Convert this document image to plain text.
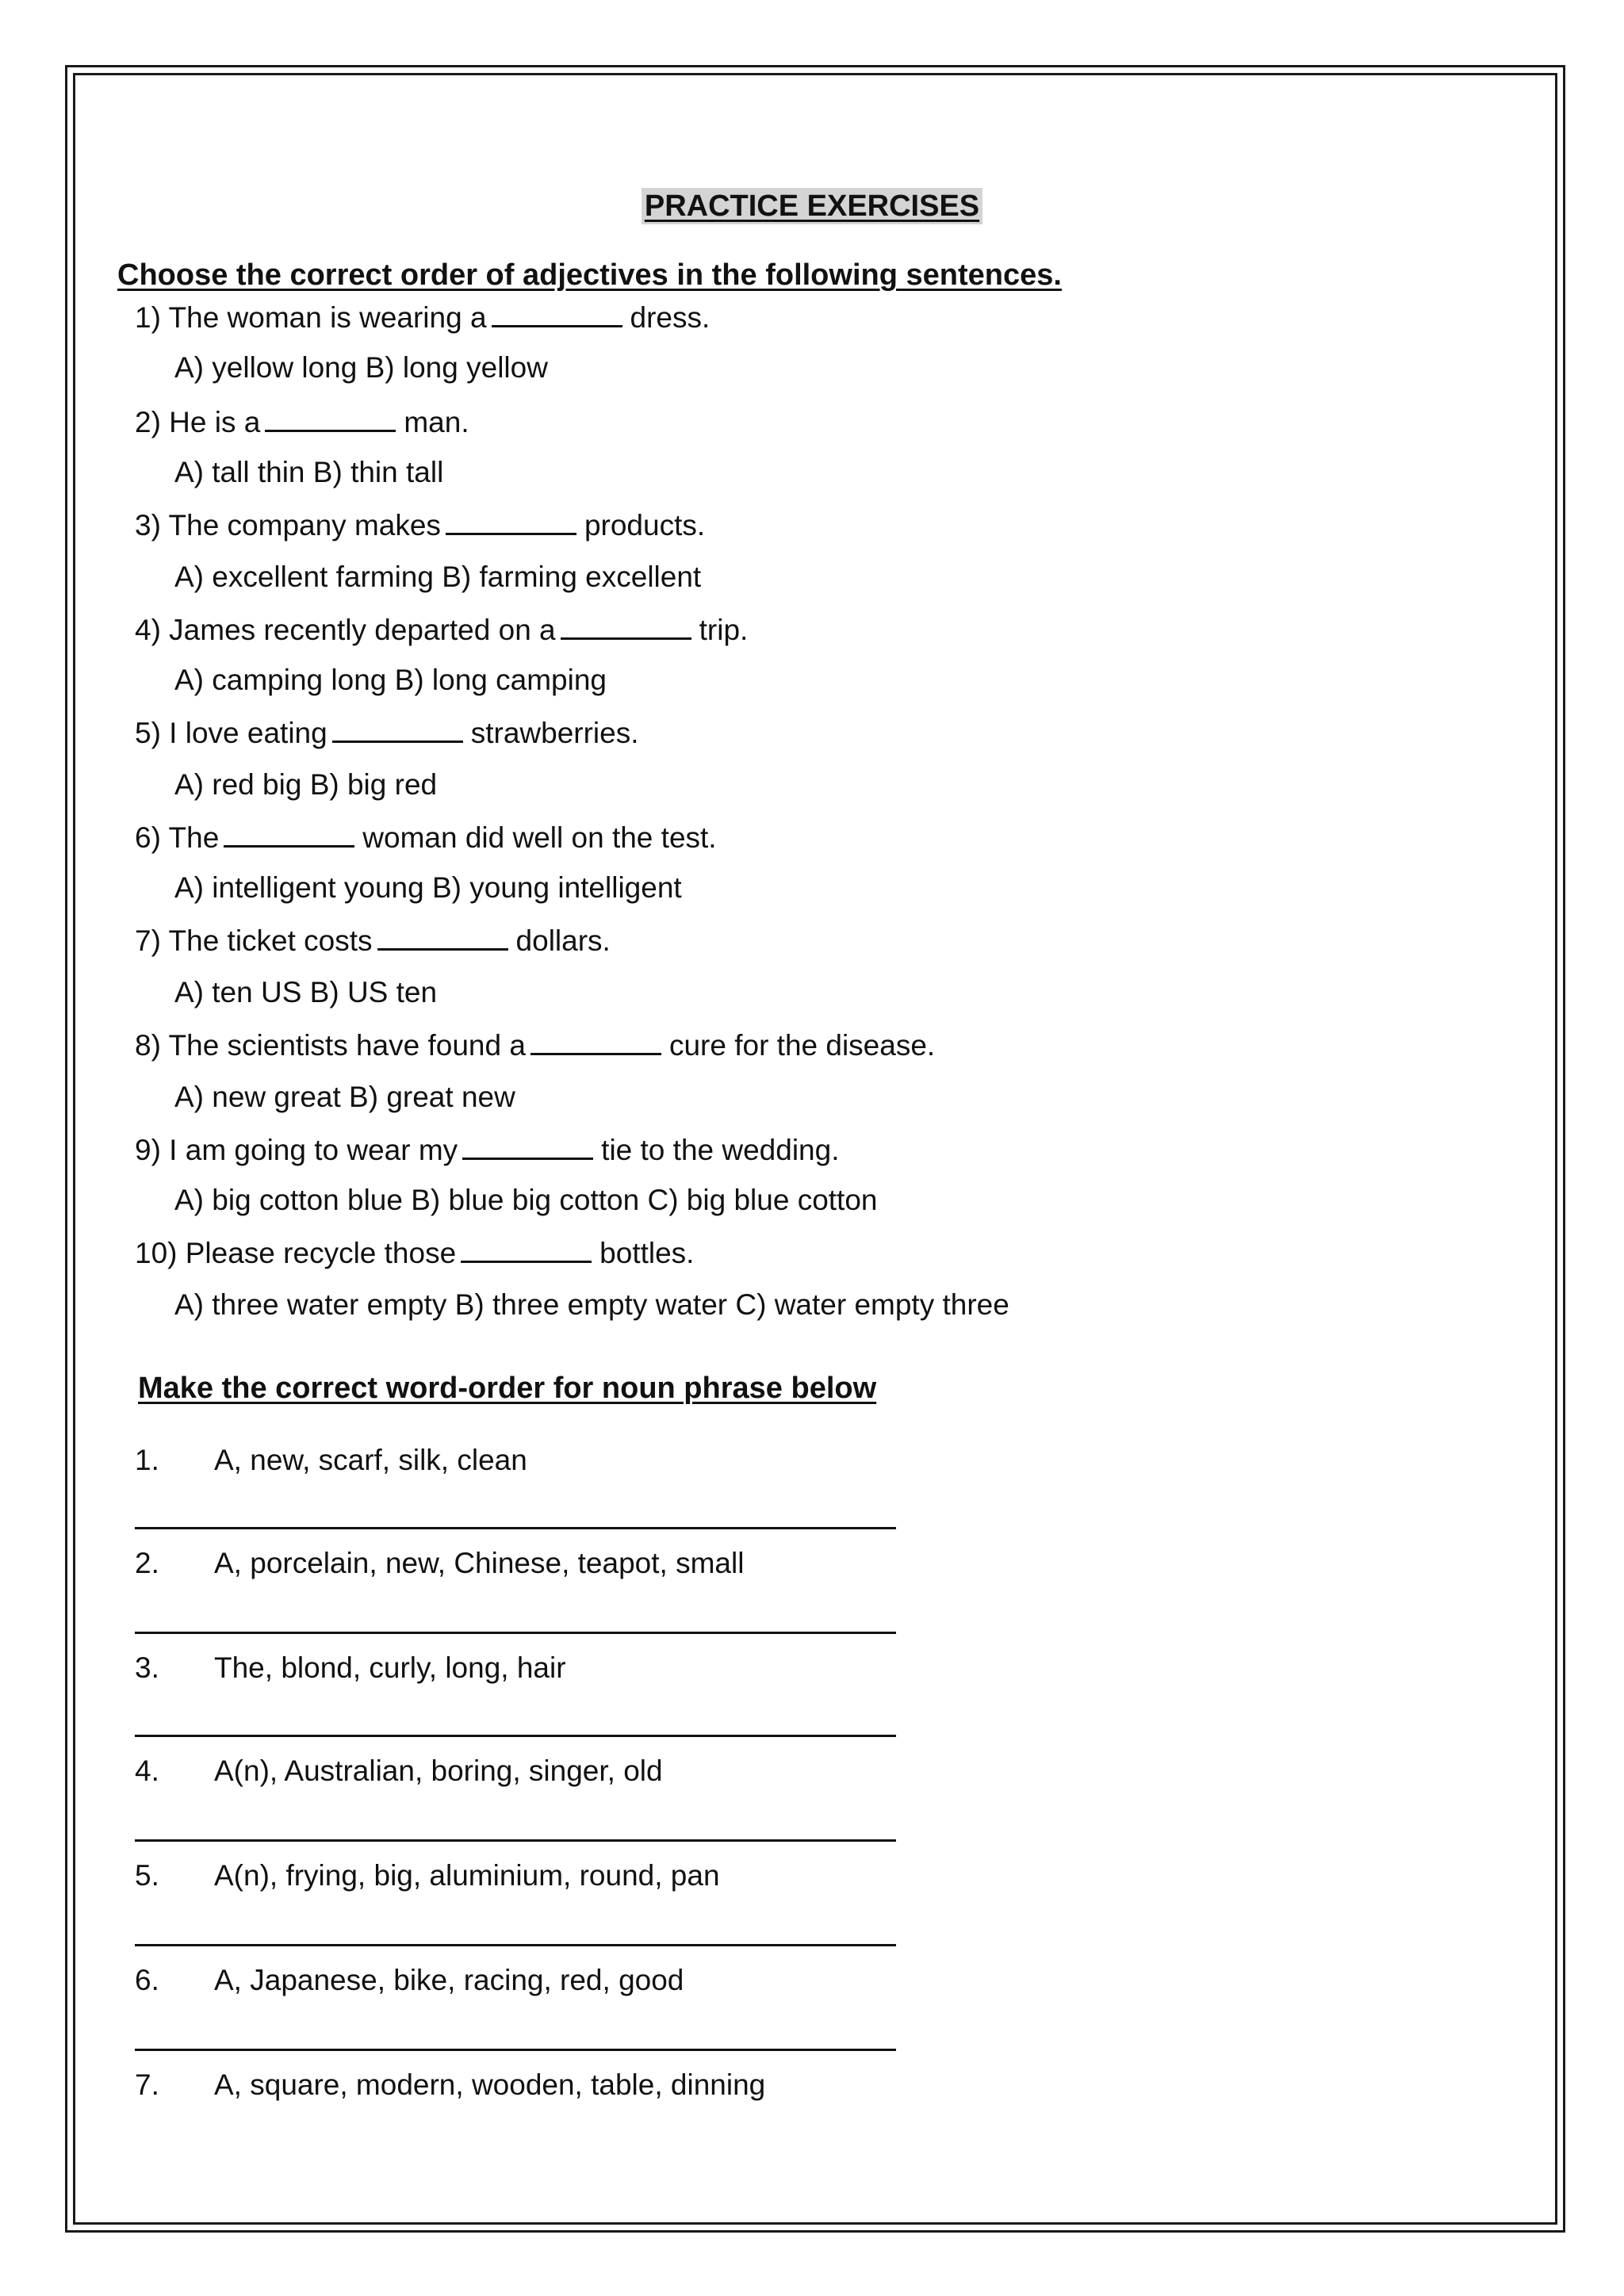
PRACTICE EXERCISES
Choose the correct order of adjectives in the following sentences.
1) The woman is wearing a	dress.
A) yellow long B) long yellow
2) He is a	man.
A) tall thin B) thin tall
3) The company makes	products.
A) excellent farming B) farming excellent
4) James recently departed on a	trip.
A) camping long B) long camping
5) I love eating	strawberries.
A) red big B) big red
6) The	woman did well on the test.
A) intelligent young B) young intelligent
7) The ticket costs	dollars.
A) ten US B) US ten
8) The scientists have found a	cure for the disease.
A) new great B) great new
9) I am going to wear my	tie to the wedding.
A) big cotton blue B) blue big cotton C) big blue cotton
10) Please recycle those	bottles.
A) three water empty B) three empty water C) water empty three
Make the correct word-order for noun phrase below
1. A, new, scarf, silk, clean
2. A, porcelain, new, Chinese, teapot, small
3. The, blond, curly, long, hair
4. A(n), Australian, boring, singer, old
5. A(n), frying, big, aluminium, round, pan
6. A, Japanese, bike, racing, red, good
7. A, square, modern, wooden, table, dinning
